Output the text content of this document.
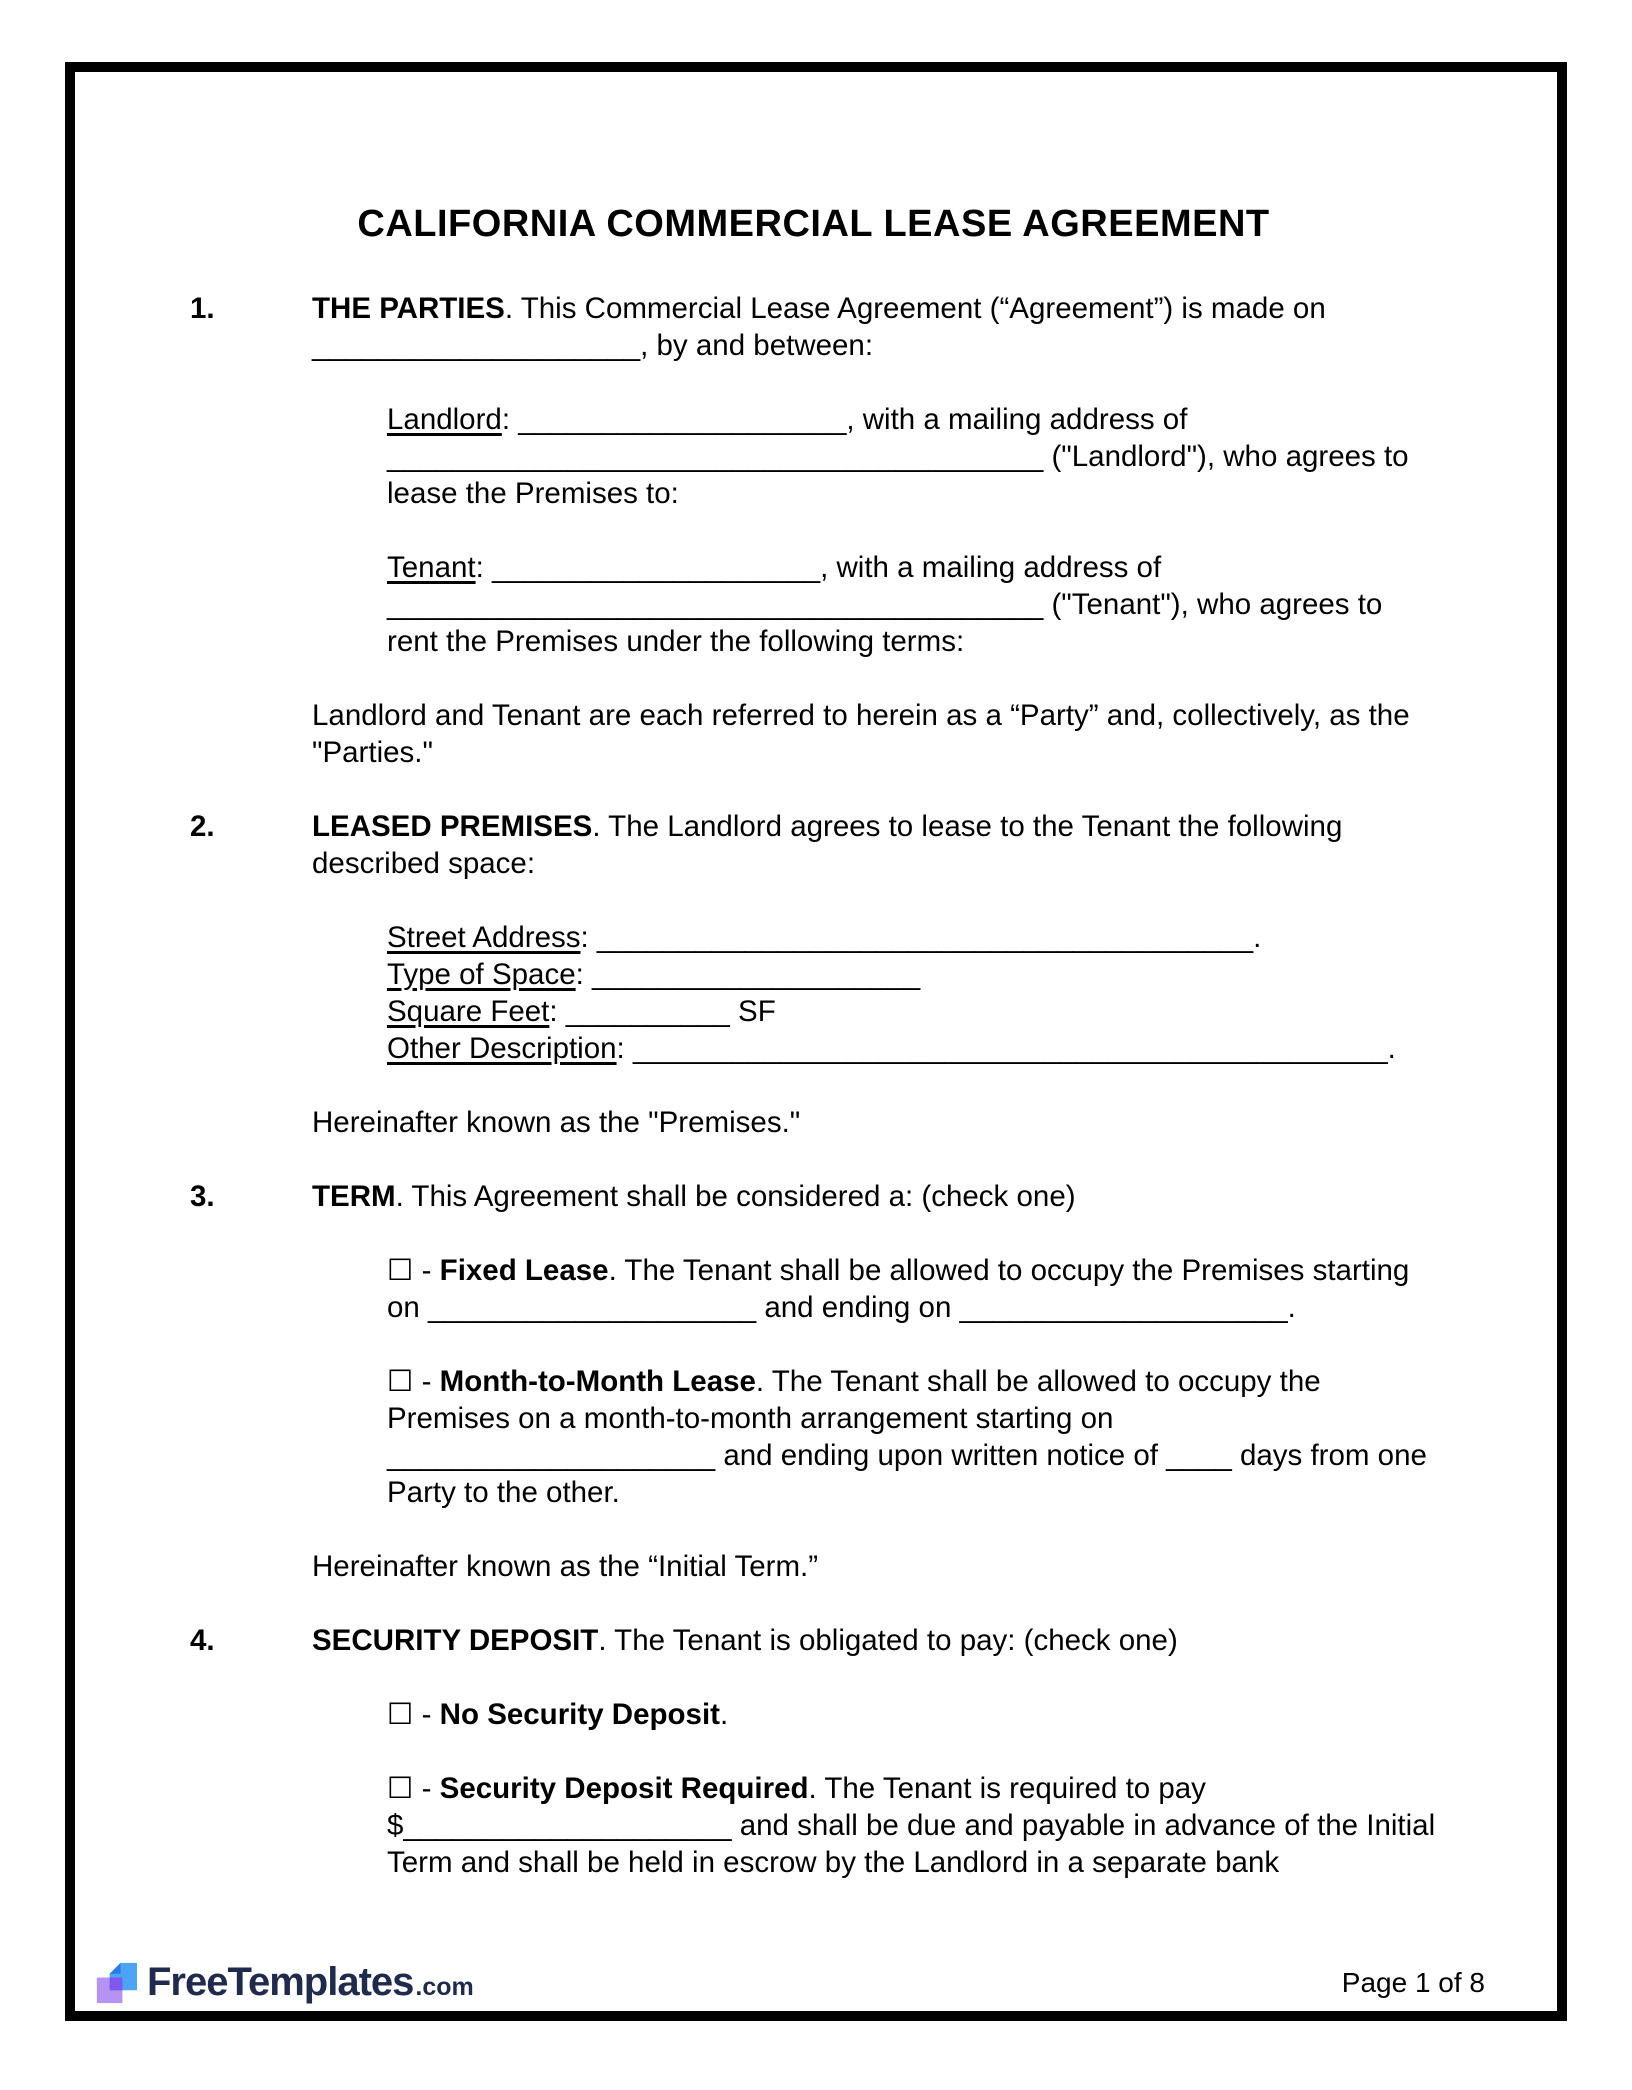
CALIFORNIA COMMERCIAL LEASE AGREEMENT
1.	THE PARTIES. This Commercial Lease Agreement (“Agreement”) is made on ____________________, by and between:

Landlord: ____________________, with a mailing address of ________________________________________ ("Landlord"), who agrees to lease the Premises to:

Tenant: ____________________, with a mailing address of ________________________________________ ("Tenant"), who agrees to rent the Premises under the following terms:

Landlord and Tenant are each referred to herein as a “Party” and, collectively, as the "Parties."

2.	LEASED PREMISES. The Landlord agrees to lease to the Tenant the following described space:

Street Address: ________________________________________.

Type of Space: ____________________

Square Feet: __________ SF

Other Description: ______________________________________________.

Hereinafter known as the "Premises."

3.	TERM. This Agreement shall be considered a: (check one)

☐ - Fixed Lease. The Tenant shall be allowed to occupy the Premises starting on ____________________ and ending on ____________________.

☐ - Month-to-Month Lease. The Tenant shall be allowed to occupy the Premises on a month-to-month arrangement starting on ____________________ and ending upon written notice of ____ days from one Party to the other.

Hereinafter known as the “Initial Term.”

4.	SECURITY DEPOSIT. The Tenant is obligated to pay: (check one)

☐ - No Security Deposit.

☐ - Security Deposit Required. The Tenant is required to pay $____________________ and shall be due and payable in advance of the Initial Term and shall be held in escrow by the Landlord in a separate bank

FreeTemplates .com	Page 1 of 8
